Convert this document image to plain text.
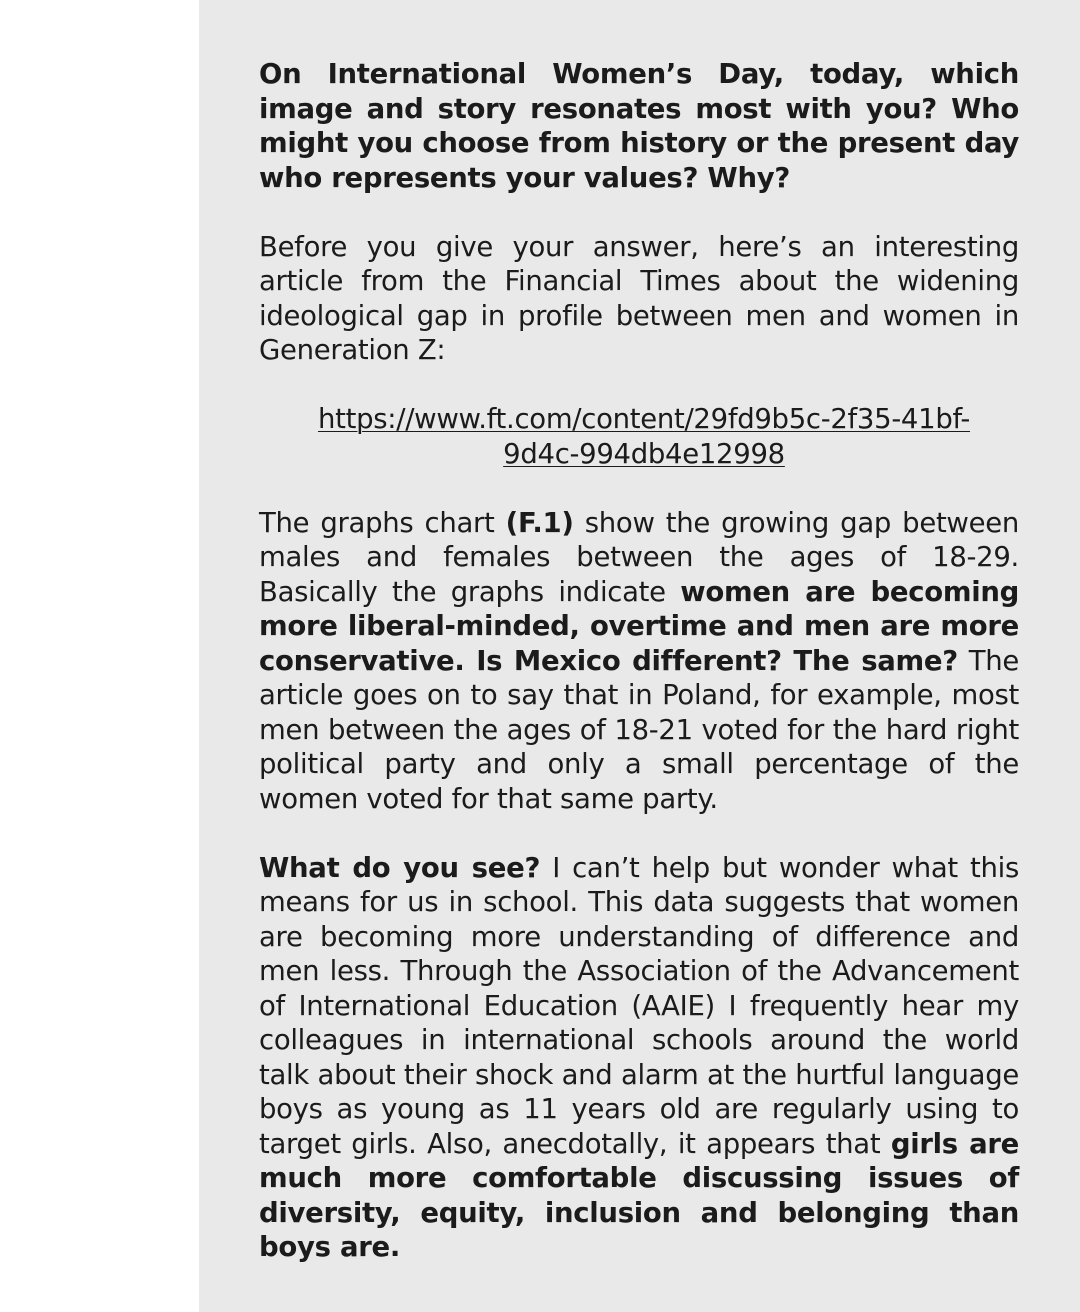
On International Women’s Day, today, which image and story resonates most with you? Who might you choose from history or the present day who represents your values? Why?

Before you give your answer, here’s an interesting article from the Financial Times about the widening ideological gap in profile between men and women in Generation Z:

https://www.ft.com/content/29fd9b5c-2f35-41bf-9d4c-994db4e12998

The graphs chart (F.1) show the growing gap between males and females between the ages of 18-29. Basically the graphs indicate women are becoming more liberal-minded, overtime and men are more conservative. Is Mexico different? The same? The article goes on to say that in Poland, for example, most men between the ages of 18-21 voted for the hard right political party and only a small percentage of the women voted for that same party.

What do you see? I can’t help but wonder what this means for us in school. This data suggests that women are becoming more understanding of difference and men less. Through the Association of the Advancement of International Education (AAIE) I frequently hear my colleagues in international schools around the world talk about their shock and alarm at the hurtful language boys as young as 11 years old are regularly using to target girls. Also, anecdotally, it appears that girls are much more comfortable discussing issues of diversity, equity, inclusion and belonging than boys are.
